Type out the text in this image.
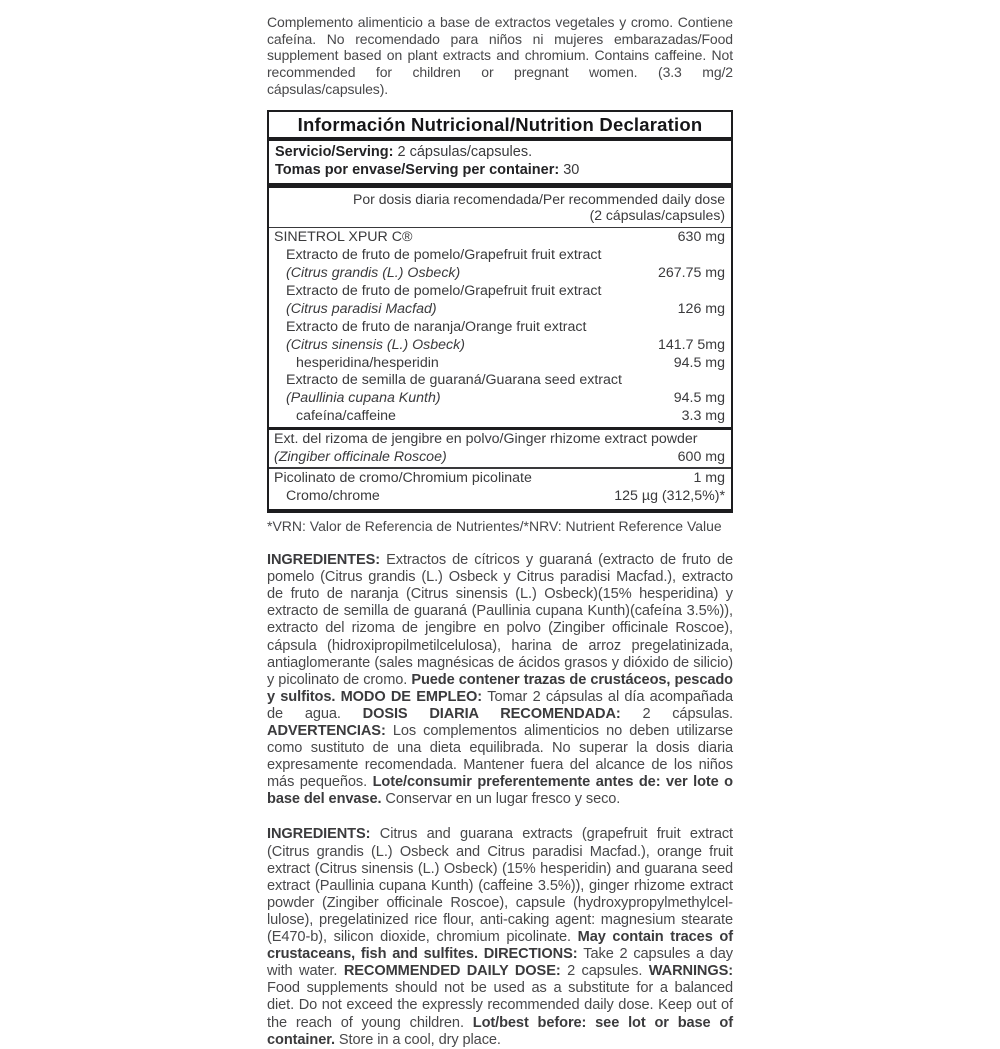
Complemento alimenticio a base de extractos vegetales y cromo. Contiene cafeína. No recomendado para niños ni mujeres embarazadas/Food supplement based on plant extracts and chromium. Contains caffeine. Not recommended for children or pregnant women. (3.3 mg/2 cápsulas/capsules).

Información Nutricional/Nutrition Declaration
Servicio/Serving: 2 cápsulas/capsules.
Tomas por envase/Serving per container: 30
Por dosis diaria recomendada/Per recommended daily dose
(2 cápsulas/capsules)
SINETROL XPUR C®	630 mg
Extracto de fruto de pomelo/Grapefruit fruit extract
(Citrus grandis (L.) Osbeck)	267.75 mg
Extracto de fruto de pomelo/Grapefruit fruit extract
(Citrus paradisi Macfad)	126 mg
Extracto de fruto de naranja/Orange fruit extract
(Citrus sinensis (L.) Osbeck)	141.7 5mg
hesperidina/hesperidin	94.5 mg
Extracto de semilla de guaraná/Guarana seed extract
(Paullinia cupana Kunth)	94.5 mg
cafeína/caffeine	3.3 mg
Ext. del rizoma de jengibre en polvo/Ginger rhizome extract powder
(Zingiber officinale Roscoe)	600 mg
Picolinato de cromo/Chromium picolinate	1 mg
Cromo/chrome	125 µg (312,5%)*

*VRN: Valor de Referencia de Nutrientes/*NRV: Nutrient Reference Value

INGREDIENTES: Extractos de cítricos y guaraná (extracto de fruto de pomelo (Citrus grandis (L.) Osbeck y Citrus paradisi Macfad.), extracto de fruto de naranja (Citrus sinensis (L.) Osbeck)(15% hesperidina) y extracto de semilla de guaraná (Paullinia cupana Kunth)(cafeína 3.5%)), extracto del rizoma de jengibre en polvo (Zingiber officinale Roscoe), cápsula (hidroxipropilmetilcelulosa), harina de arroz pregelatinizada, antiaglomerante (sales magnésicas de ácidos grasos y dióxido de silicio) y picolinato de cromo. Puede contener trazas de crustáceos, pescado y sulfitos. MODO DE EMPLEO: Tomar 2 cápsulas al día acompañada de agua. DOSIS DIARIA RECOMENDADA: 2 cápsulas. ADVERTENCIAS: Los complementos alimenticios no deben utilizarse como sustituto de una dieta equilibrada. No superar la dosis diaria expresamente recomendada. Mantener fuera del alcance de los niños más pequeños. Lote/consumir preferentemente antes de: ver lote o base del envase. Conservar en un lugar fresco y seco.

INGREDIENTS: Citrus and guarana extracts (grapefruit fruit extract (Citrus grandis (L.) Osbeck and Citrus paradisi Macfad.), orange fruit extract (Citrus sinensis (L.) Osbeck) (15% hesperidin) and guarana seed extract (Paullinia cupana Kunth) (caffeine 3.5%)), ginger rhizome extract powder (Zingiber officinale Roscoe), capsule (hydroxypropylmethylcellulose), pregelatinized rice flour, anti-caking agent: magnesium stearate (E470-b), silicon dioxide, chromium picolinate. May contain traces of crustaceans, fish and sulfites. DIRECTIONS: Take 2 capsules a day with water. RECOMMENDED DAILY DOSE: 2 capsules. WARNINGS: Food supplements should not be used as a substitute for a balanced diet. Do not exceed the expressly recommended daily dose. Keep out of the reach of young children. Lot/best before: see lot or base of container. Store in a cool, dry place.
